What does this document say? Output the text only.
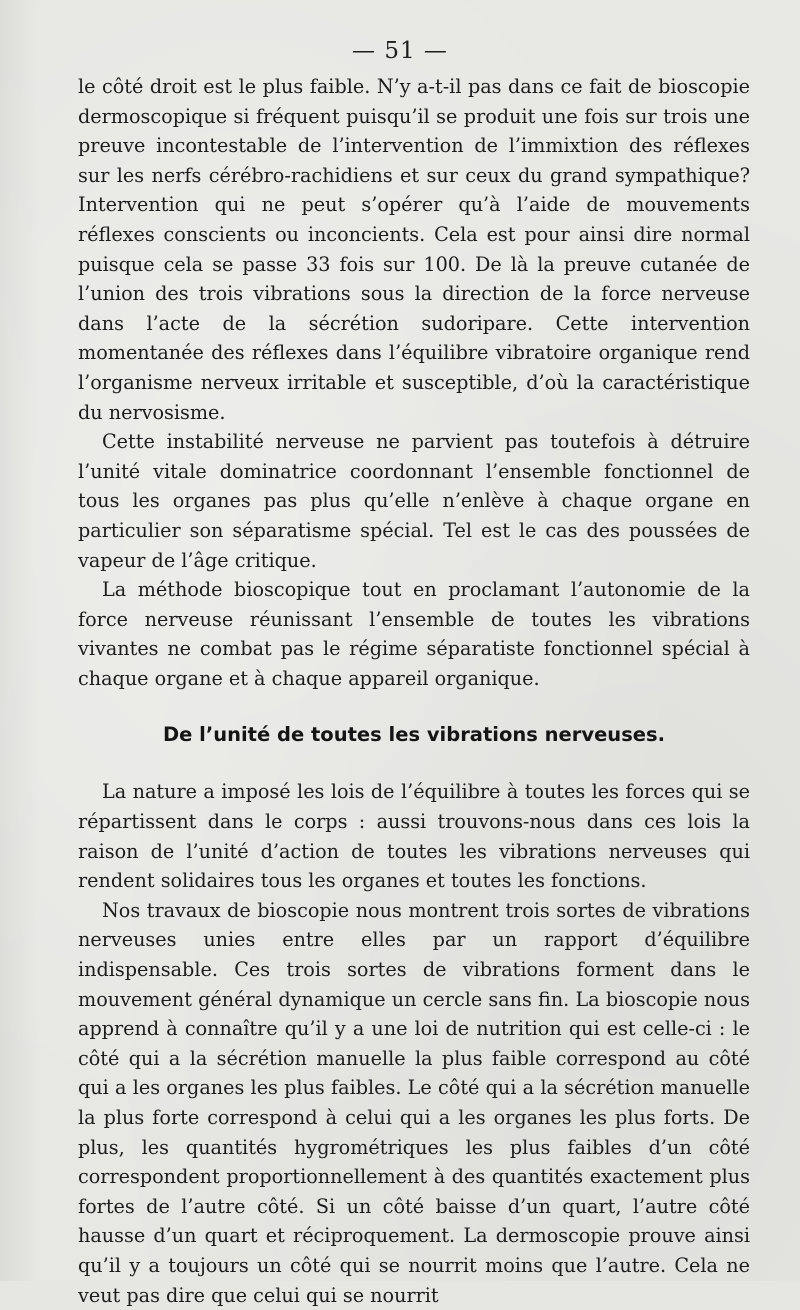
— 51 —

le côté droit est le plus faible. N’y a-t-il pas dans ce fait de bioscopie dermoscopique si fréquent puisqu’il se produit une fois sur trois une preuve incontestable de l’intervention de l’immixtion des réflexes sur les nerfs cérébro-rachidiens et sur ceux du grand sympathique? Intervention qui ne peut s’opérer qu’à l’aide de mouvements réflexes conscients ou inconcients. Cela est pour ainsi dire normal puisque cela se passe 33 fois sur 100. De là la preuve cutanée de l’union des trois vibrations sous la direction de la force nerveuse dans l’acte de la sécrétion sudoripare. Cette intervention momentanée des réflexes dans l’équilibre vibratoire organique rend l’organisme nerveux irritable et susceptible, d’où la caractéristique du nervosisme.

Cette instabilité nerveuse ne parvient pas toutefois à détruire l’unité vitale dominatrice coordonnant l’ensemble fonctionnel de tous les organes pas plus qu’elle n’enlève à chaque organe en particulier son séparatisme spécial. Tel est le cas des poussées de vapeur de l’âge critique.

La méthode bioscopique tout en proclamant l’autonomie de la force nerveuse réunissant l’ensemble de toutes les vibrations vivantes ne combat pas le régime séparatiste fonctionnel spécial à chaque organe et à chaque appareil organique.

De l’unité de toutes les vibrations nerveuses.

La nature a imposé les lois de l’équilibre à toutes les forces qui se répartissent dans le corps : aussi trouvons-nous dans ces lois la raison de l’unité d’action de toutes les vibrations nerveuses qui rendent solidaires tous les organes et toutes les fonctions.

Nos travaux de bioscopie nous montrent trois sortes de vibrations nerveuses unies entre elles par un rapport d’équilibre indispensable. Ces trois sortes de vibrations forment dans le mouvement général dynamique un cercle sans fin. La bioscopie nous apprend à connaître qu’il y a une loi de nutrition qui est celle-ci : le côté qui a la sécrétion manuelle la plus faible correspond au côté qui a les organes les plus faibles. Le côté qui a la sécrétion manuelle la plus forte correspond à celui qui a les organes les plus forts. De plus, les quantités hygrométriques les plus faibles d’un côté correspondent proportionnellement à des quantités exactement plus fortes de l’autre côté. Si un côté baisse d’un quart, l’autre côté hausse d’un quart et réciproquement. La dermoscopie prouve ainsi qu’il y a toujours un côté qui se nourrit moins que l’autre. Cela ne veut pas dire que celui qui se nourrit
